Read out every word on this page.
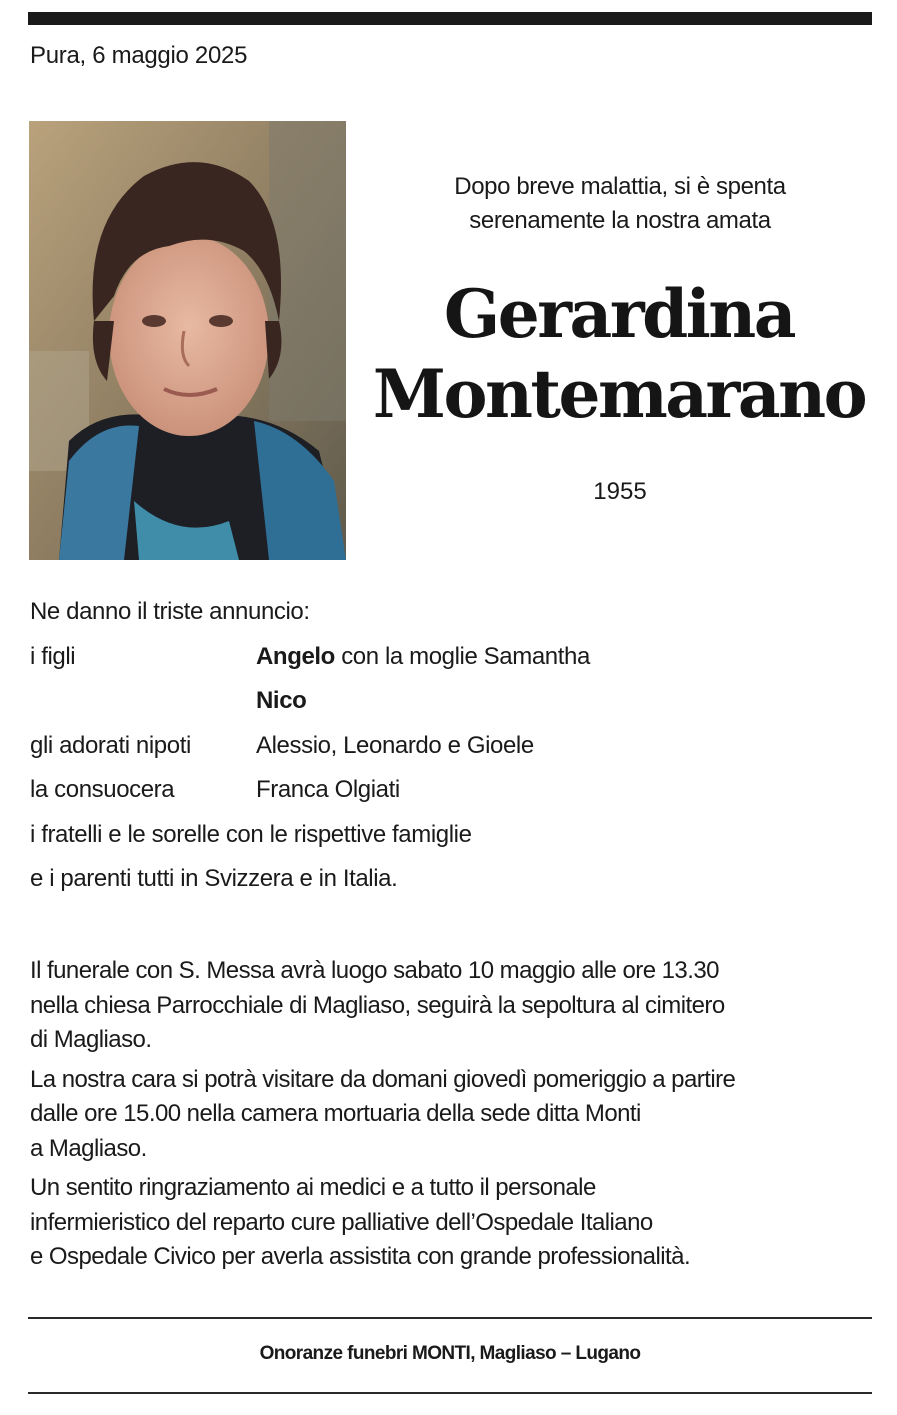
Pura, 6 maggio 2025
Dopo breve malattia, si è spenta
serenamente la nostra amata
Gerardina
Montemarano
1955
Ne danno il triste annuncio:
i figli	Angelo con la moglie Samantha
Nico
gli adorati nipoti	Alessio, Leonardo e Gioele
la consuocera	Franca Olgiati
i fratelli e le sorelle con le rispettive famiglie
e i parenti tutti in Svizzera e in Italia.

Il funerale con S. Messa avrà luogo sabato 10 maggio alle ore 13.30
nella chiesa Parrocchiale di Magliaso, seguirà la sepoltura al cimitero
di Magliaso.

La nostra cara si potrà visitare da domani giovedì pomeriggio a partire
dalle ore 15.00 nella camera mortuaria della sede ditta Monti
a Magliaso.

Un sentito ringraziamento ai medici e a tutto il personale
infermieristico del reparto cure palliative dell’Ospedale Italiano
e Ospedale Civico per averla assistita con grande professionalità.

Onoranze funebri MONTI, Magliaso – Lugano
